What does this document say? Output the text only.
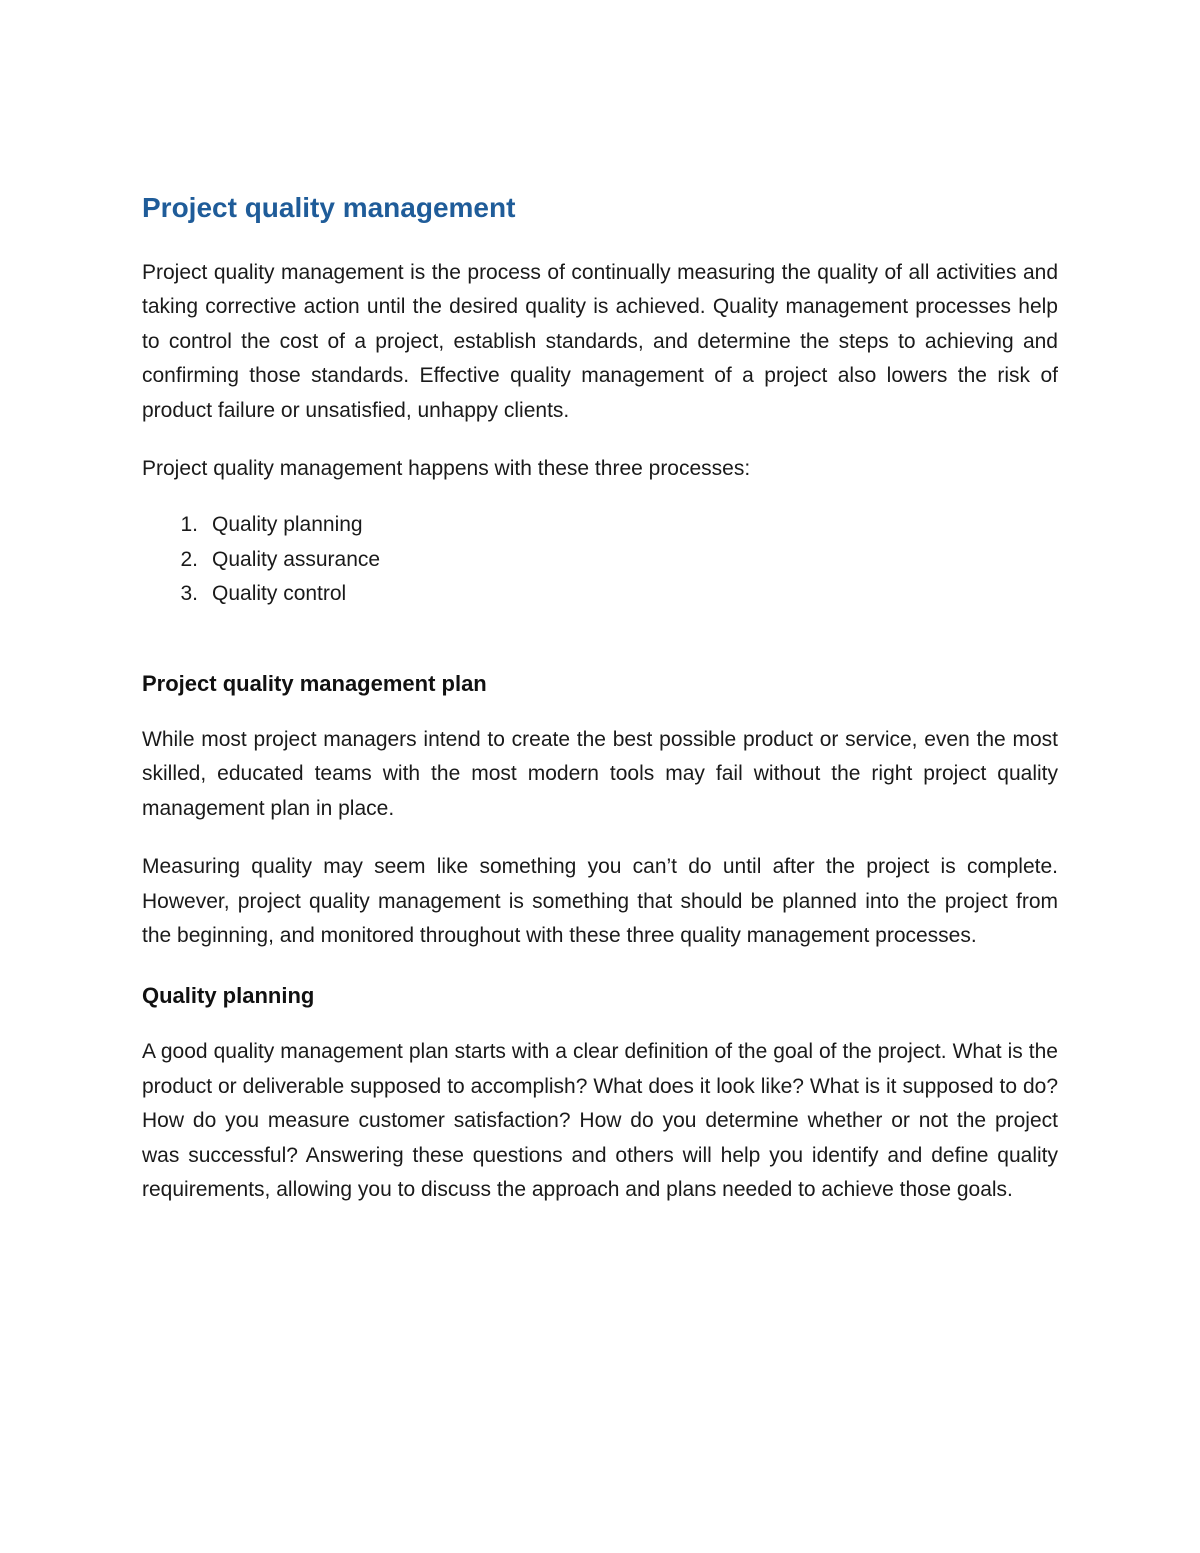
Project quality management

Project quality management is the process of continually measuring the quality of all activities and taking corrective action until the desired quality is achieved. Quality management processes help to control the cost of a project, establish standards, and determine the steps to achieving and confirming those standards. Effective quality management of a project also lowers the risk of product failure or unsatisfied, unhappy clients.

Project quality management happens with these three processes:

1. Quality planning
2. Quality assurance
3. Quality control
Project quality management plan

While most project managers intend to create the best possible product or service, even the most skilled, educated teams with the most modern tools may fail without the right project quality management plan in place.

Measuring quality may seem like something you can’t do until after the project is complete. However, project quality management is something that should be planned into the project from the beginning, and monitored throughout with these three quality management processes.

Quality planning

A good quality management plan starts with a clear definition of the goal of the project. What is the product or deliverable supposed to accomplish? What does it look like? What is it supposed to do? How do you measure customer satisfaction? How do you determine whether or not the project was successful? Answering these questions and others will help you identify and define quality requirements, allowing you to discuss the approach and plans needed to achieve those goals.
